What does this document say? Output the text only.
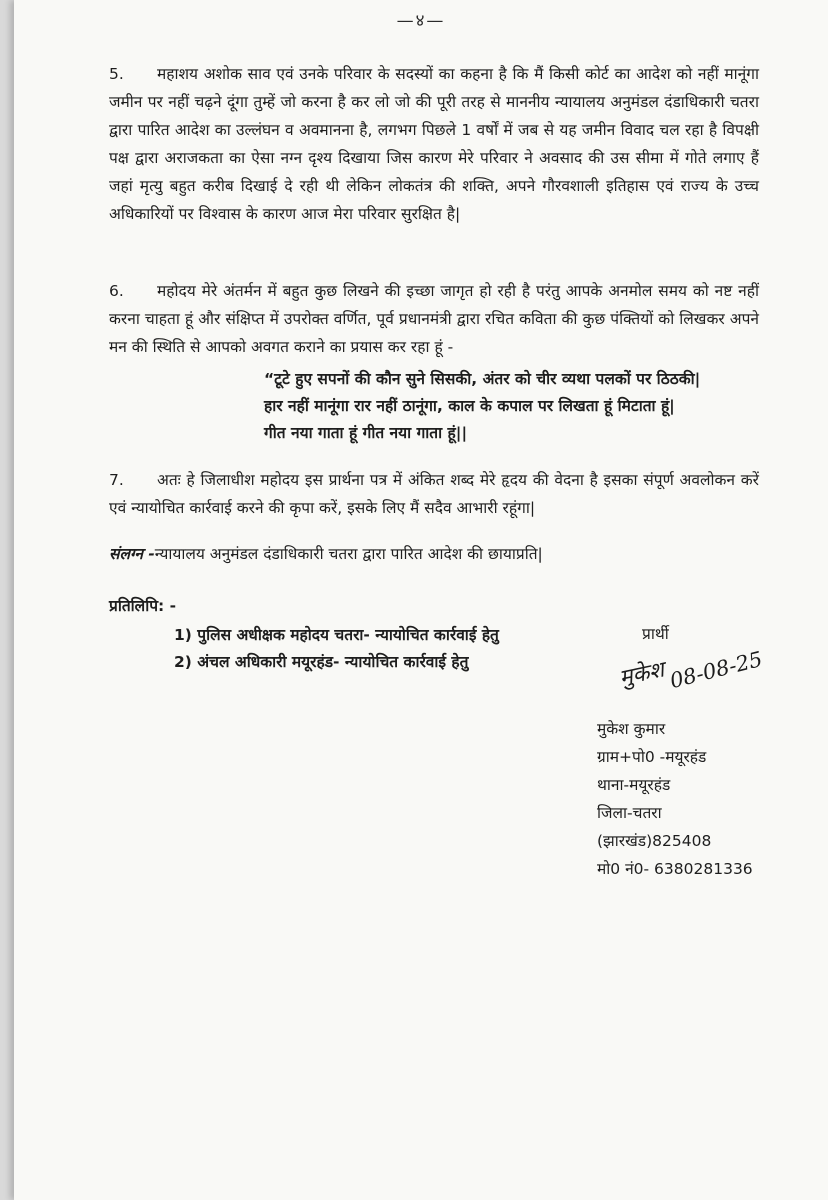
—४—
5. महाशय अशोक साव एवं उनके परिवार के सदस्यों का कहना है कि मैं किसी कोर्ट का आदेश को नहीं मानूंगा जमीन पर नहीं चढ़ने दूंगा तुम्हें जो करना है कर लो जो की पूरी तरह से माननीय न्यायालय अनुमंडल दंडाधिकारी चतरा द्वारा पारित आदेश का उल्लंघन व अवमानना है, लगभग पिछले 1 वर्षों में जब से यह जमीन विवाद चल रहा है विपक्षी पक्ष द्वारा अराजकता का ऐसा नग्न दृश्य दिखाया जिस कारण मेरे परिवार ने अवसाद की उस सीमा में गोते लगाए हैं जहां मृत्यु बहुत करीब दिखाई दे रही थी लेकिन लोकतंत्र की शक्ति, अपने गौरवशाली इतिहास एवं राज्य के उच्च अधिकारियों पर विश्वास के कारण आज मेरा परिवार सुरक्षित है|
6. महोदय मेरे अंतर्मन में बहुत कुछ लिखने की इच्छा जागृत हो रही है परंतु आपके अनमोल समय को नष्ट नहीं करना चाहता हूं और संक्षिप्त में उपरोक्त वर्णित, पूर्व प्रधानमंत्री द्वारा रचित कविता की कुछ पंक्तियों को लिखकर अपने मन की स्थिति से आपको अवगत कराने का प्रयास कर रहा हूं -
“टूटे हुए सपनों की कौन सुने सिसकी, अंतर को चीर व्यथा पलकों पर ठिठकी|
हार नहीं मानूंगा रार नहीं ठानूंगा, काल के कपाल पर लिखता हूं मिटाता हूं|
गीत नया गाता हूं गीत नया गाता हूं||
7. अतः हे जिलाधीश महोदय इस प्रार्थना पत्र में अंकित शब्द मेरे हृदय की वेदना है इसका संपूर्ण अवलोकन करें एवं न्यायोचित कार्रवाई करने की कृपा करें, इसके लिए मैं सदैव आभारी रहूंगा|
संलग्न -न्यायालय अनुमंडल दंडाधिकारी चतरा द्वारा पारित आदेश की छायाप्रति|
प्रतिलिपि: -
1) पुलिस अधीक्षक महोदय चतरा- न्यायोचित कार्रवाई हेतु
2) अंचल अधिकारी मयूरहंड- न्यायोचित कार्रवाई हेतु
प्रार्थी
मुकेश 08-08-25
मुकेश कुमार
ग्राम+पो0 -मयूरहंड
थाना-मयूरहंड
जिला-चतरा
(झारखंड)825408
मो0 नं0- 6380281336
